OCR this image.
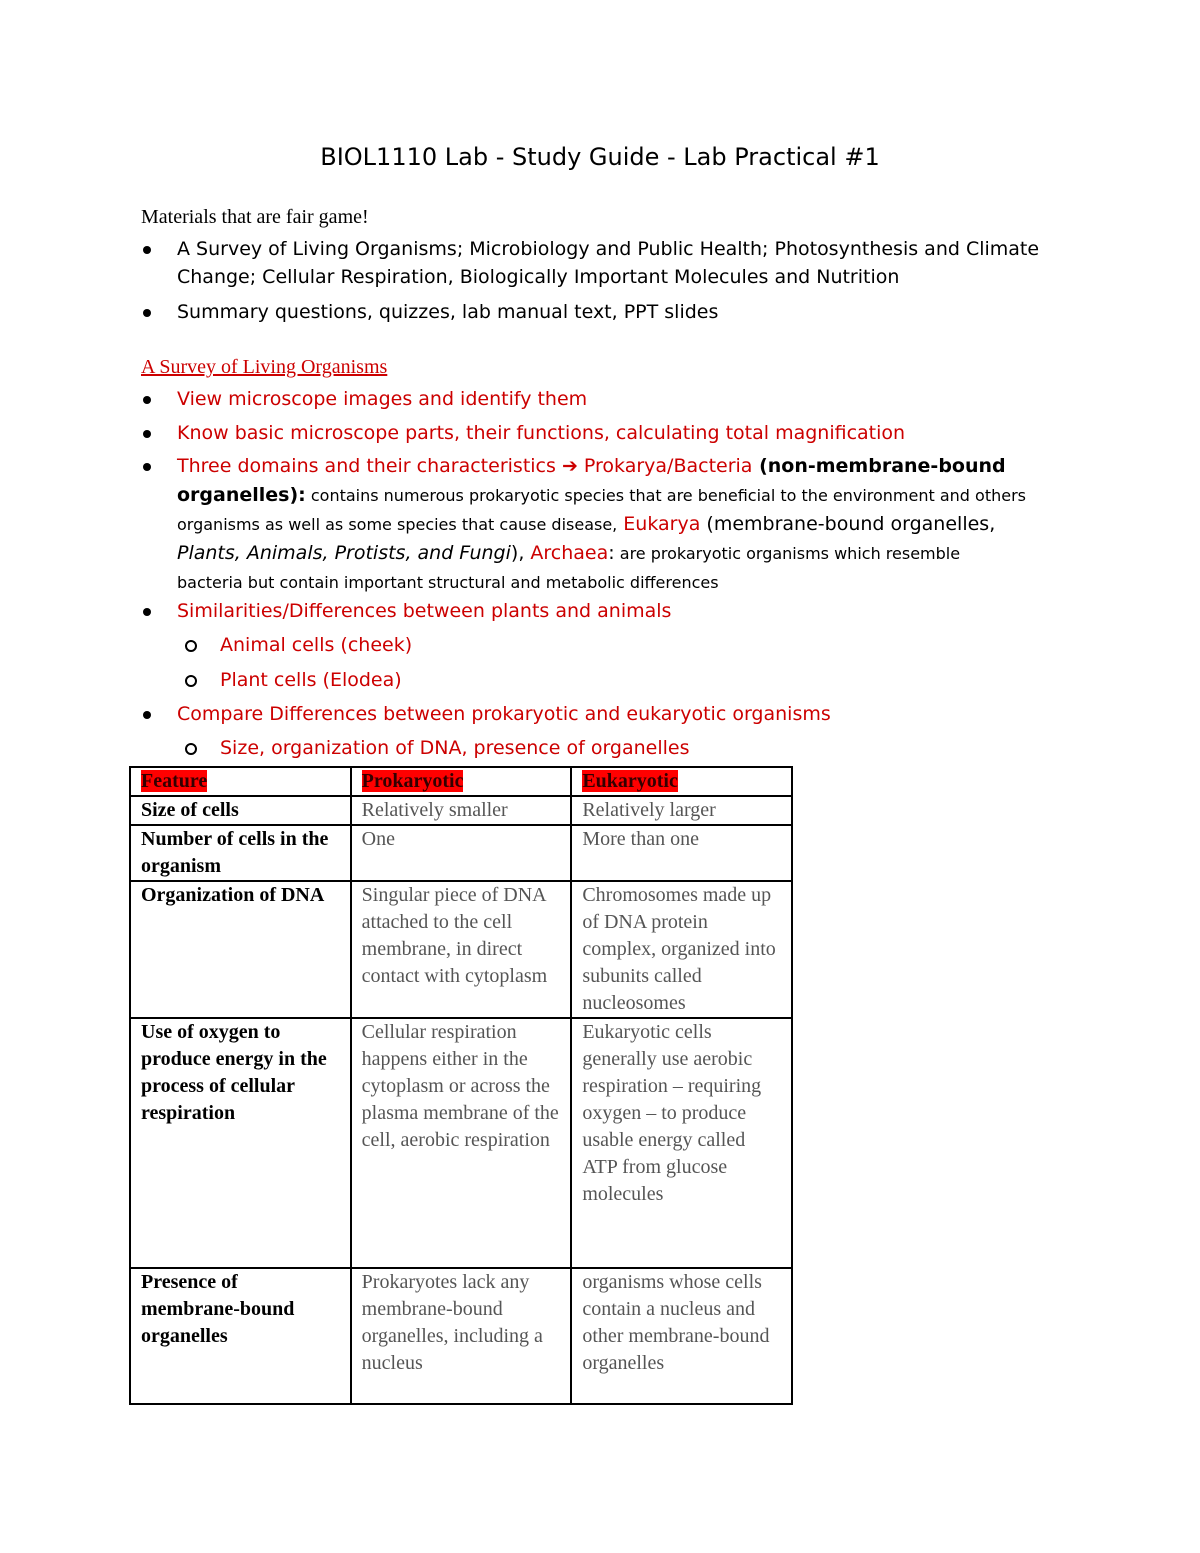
BIOL1110 Lab - Study Guide - Lab Practical #1

Materials that are fair game!

A Survey of Living Organisms; Microbiology and Public Health; Photosynthesis and Climate Change; Cellular Respiration, Biologically Important Molecules and Nutrition
Summary questions, quizzes, lab manual text, PPT slides
A Survey of Living Organisms
View microscope images and identify them
Know basic microscope parts, their functions, calculating total magnification
Three domains and their characteristics ➔ Prokarya/Bacteria (non-membrane-bound organelles): contains numerous prokaryotic species that are beneficial to the environment and others organisms as well as some species that cause disease, Eukarya (membrane-bound organelles, Plants, Animals, Protists, and Fungi), Archaea: are prokaryotic organisms which resemble bacteria but contain important structural and metabolic differences
Similarities/Differences between plants and animals
Animal cells (cheek)
Plant cells (Elodea)
Compare Differences between prokaryotic and eukaryotic organisms
Size, organization of DNA, presence of organelles
Feature	Prokaryotic	Eukaryotic
Size of cells	Relatively smaller	Relatively larger
Number of cells in the organism	One	More than one
Organization of DNA	Singular piece of DNA attached to the cell membrane, in direct contact with cytoplasm	Chromosomes made up of DNA protein complex, organized into subunits called nucleosomes
Use of oxygen to produce energy in the process of cellular respiration	Cellular respiration happens either in the cytoplasm or across the plasma membrane of the cell, aerobic respiration	Eukaryotic cells generally use aerobic respiration – requiring oxygen – to produce usable energy called ATP from glucose molecules
Presence of membrane-bound organelles	Prokaryotes lack any membrane-bound organelles, including a nucleus	organisms whose cells contain a nucleus and other membrane-bound organelles
